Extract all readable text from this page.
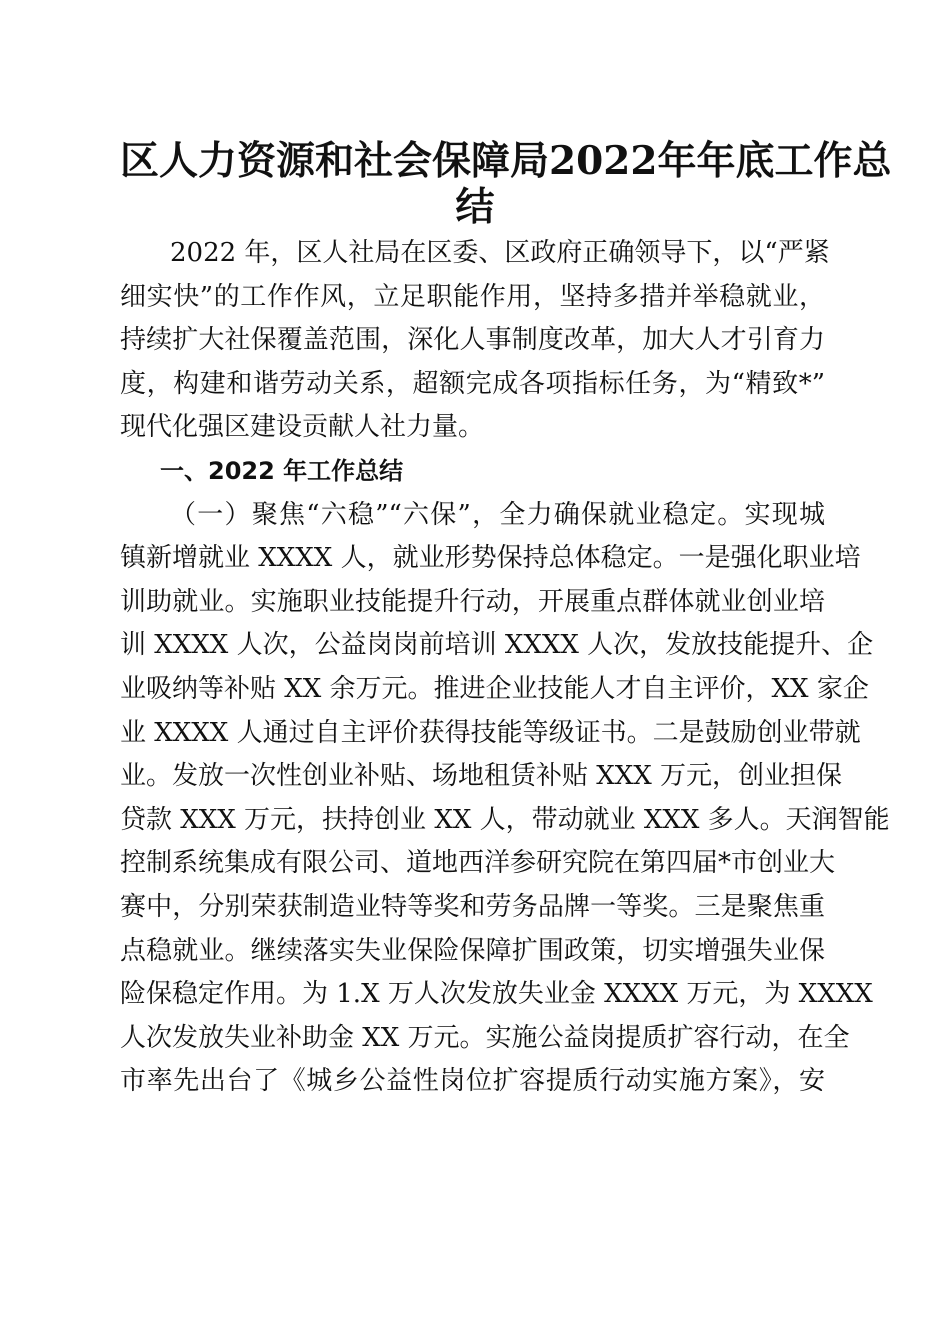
区人力资源和社会保障局2022年年底工作总
结
2022 年，区人社局在区委、区政府正确领导下，以“严紧
细实快”的工作作风，立足职能作用，坚持多措并举稳就业，
持续扩大社保覆盖范围，深化人事制度改革，加大人才引育力
度，构建和谐劳动关系，超额完成各项指标任务，为“精致*”
现代化强区建设贡献人社力量。
一、2022 年工作总结
（一）聚焦“六稳”“六保”，全力确保就业稳定。实现城
镇新增就业 XXXX 人，就业形势保持总体稳定。一是强化职业培
训助就业。实施职业技能提升行动，开展重点群体就业创业培
训 XXXX 人次，公益岗岗前培训 XXXX 人次，发放技能提升、企
业吸纳等补贴 XX 余万元。推进企业技能人才自主评价，XX 家企
业 XXXX 人通过自主评价获得技能等级证书。二是鼓励创业带就
业。发放一次性创业补贴、场地租赁补贴 XXX 万元，创业担保
贷款 XXX 万元，扶持创业 XX 人，带动就业 XXX 多人。天润智能
控制系统集成有限公司、道地西洋参研究院在第四届*市创业大
赛中，分别荣获制造业特等奖和劳务品牌一等奖。三是聚焦重
点稳就业。继续落实失业保险保障扩围政策，切实增强失业保
险保稳定作用。为 1.X 万人次发放失业金 XXXX 万元，为 XXXX
人次发放失业补助金 XX 万元。实施公益岗提质扩容行动，在全
市率先出台了《城乡公益性岗位扩容提质行动实施方案》，安
